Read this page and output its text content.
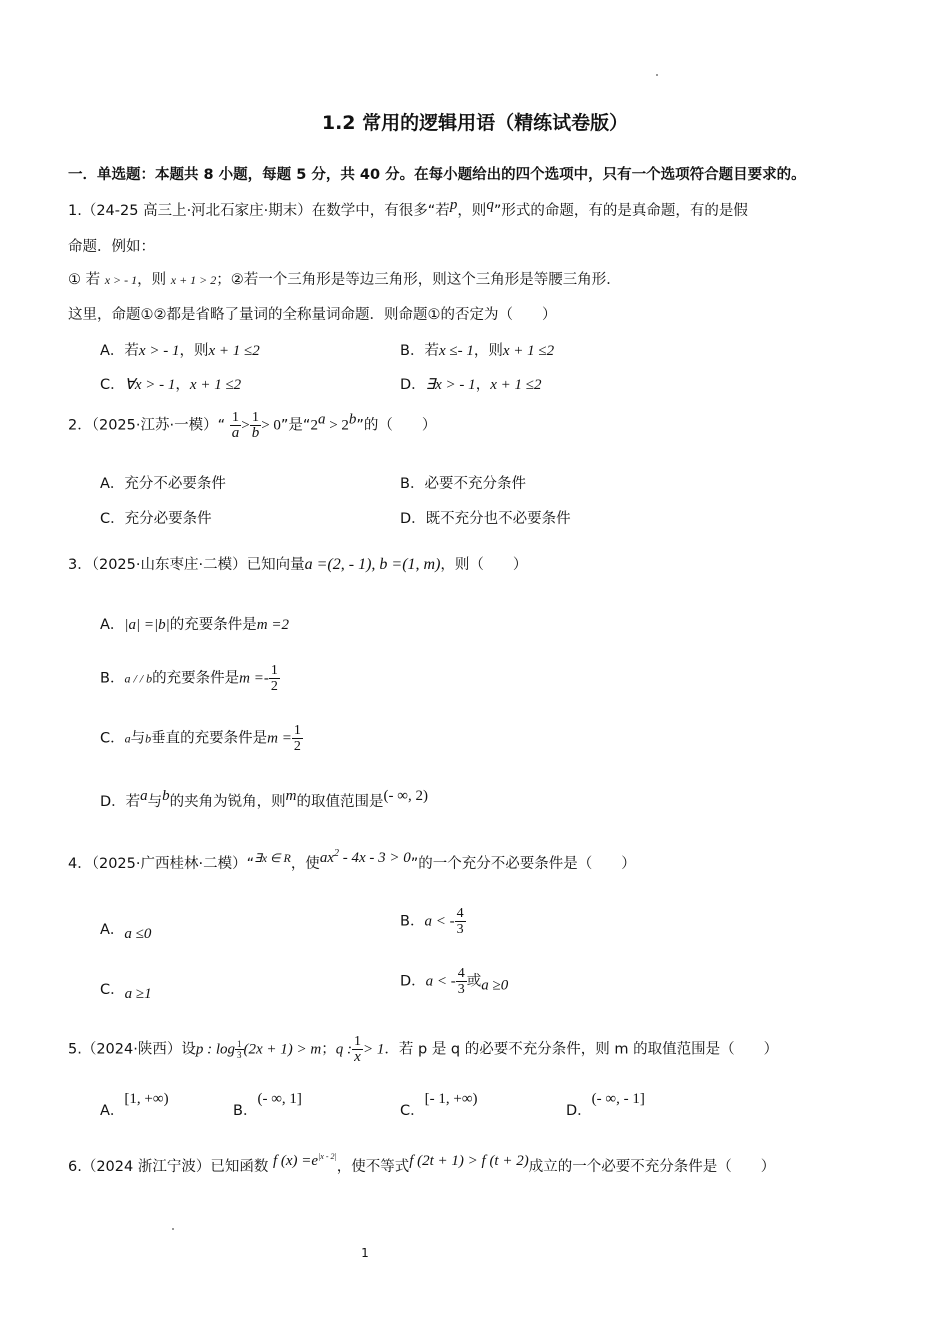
1.2 常用的逻辑用语（精练试卷版）
一．单选题：本题共 8 小题，每题 5 分，共 40 分。在每小题给出的四个选项中，只有一个选项符合题目要求的。
1.（24-25 高三上·河北石家庄·期末）在数学中，有很多“若$^p$，则$^q$”形式的命题，有的是真命题，有的是假
命题．例如：
① 若 x > - 1，则 x + 1 > 2；②若一个三角形是等边三角形，则这个三角形是等腰三角形．
这里，命题①②都是省略了量词的全称量词命题．则命题①的否定为（　　）
A．若x > - 1，则x + 1 ≤2	B．若x ≤- 1，则x + 1 ≤2
C．∀x > - 1，x + 1 ≤2	D．∃x > - 1，x + 1 ≤2
2．（2025·江苏·一模）“ $\frac{1}{a} > \frac{1}{b} > 0$”是“$2^a > 2^b$”的（　　）
A．充分不必要条件	B．必要不充分条件
C．充分必要条件	D．既不充分也不必要条件
3．（2025·山东枣庄·二模）已知向量a =(2, - 1), b =(1, m)，则（　　）
A．|a| =|b|的充要条件是m =2
B．a / / b的充要条件是$m =- \frac{1}{2}$
C．a与b垂直的充要条件是$m = \frac{1}{2}$
D．若$^a$与$^b$的夹角为锐角，则$^m$的取值范围是$^{(- \infty, 2)}$
4．（2025·广西桂林·二模）“$^{\exists x \in R}$，使$^{ax^2 - 4x - 3 > 0}$”的一个充分不必要条件是（　　）
A．$_{a \le 0}$
B．a < - $\frac{4}{3}$
C．$_{a \ge 1}$
D．a < - $\frac{4}{3}$ 或$_{a \ge 0}$
5.（2024·陕西）设p : $\log \frac{1}{3} (2x + 1) > m$；q : $\frac{1}{x} > 1$．若 p 是 q 的必要不充分条件，则 m 的取值范围是（　　）
A．[1, +∞)
B．(- ∞, 1]
C．[- 1, +∞)
D．(- ∞, - 1]
6.（2024 浙江宁波）已知函数 $^{f (x) =e^{|x - 2|}}$，使不等式$^{f (2t + 1) > f (t + 2)}$成立的一个必要不充分条件是（　　）
1
